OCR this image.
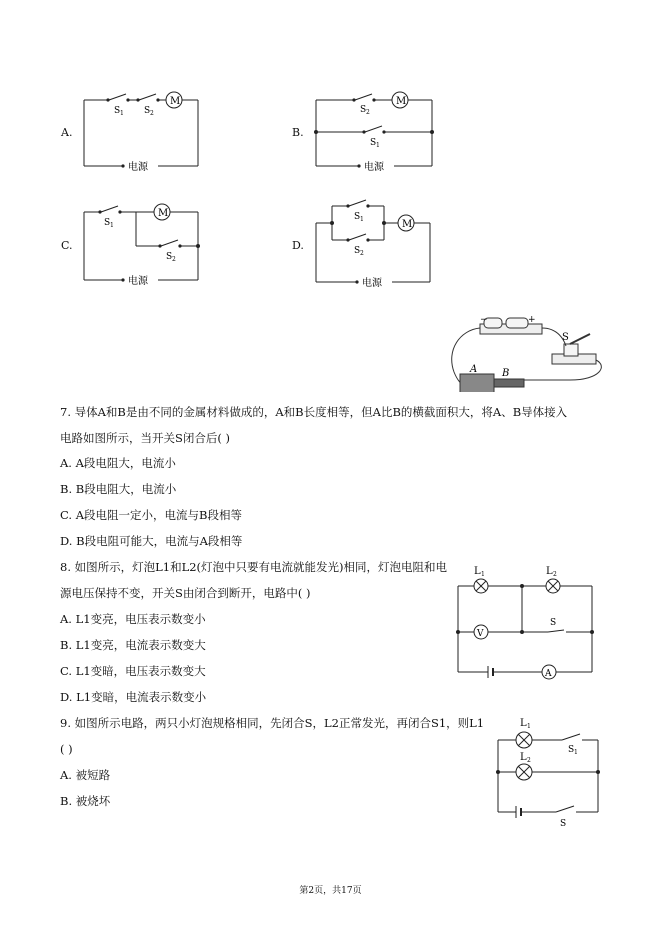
A.	B.
C.	D.
M
S 1 S 2
电源
M
S 2
S 1
电源
M
S 1
S 2
电源
M
S 1
S 2
电源
A B
S
−	+
7. 导体A和B是由不同的金属材料做成的，A和B长度相等，但A比B的横截面积大，将A、B导体接入
电路如图所示，当开关S闭合后( )
A. A段电阻大，电流小
B. B段电阻大，电流小
C. A段电阻一定小，电流与B段相等
D. B段电阻可能大，电流与A段相等
8. 如图所示，灯泡L1和L2(灯泡中只要有电流就能发光)相同，灯泡电阻和电
源电压保持不变，开关S由闭合到断开，电路中( )
A. L1变亮，电压表示数变小
B. L1变亮，电流表示数变大
C. L1变暗，电压表示数变大
D. L1变暗，电流表示数变小
L 1	L 2
V
A
S
9. 如图所示电路，两只小灯泡规格相同，先闭合S，L2正常发光，再闭合S1，则L1
( )
A. 被短路
B. 被烧坏
L 1
L 2
S 1
S
第2页，共17页
